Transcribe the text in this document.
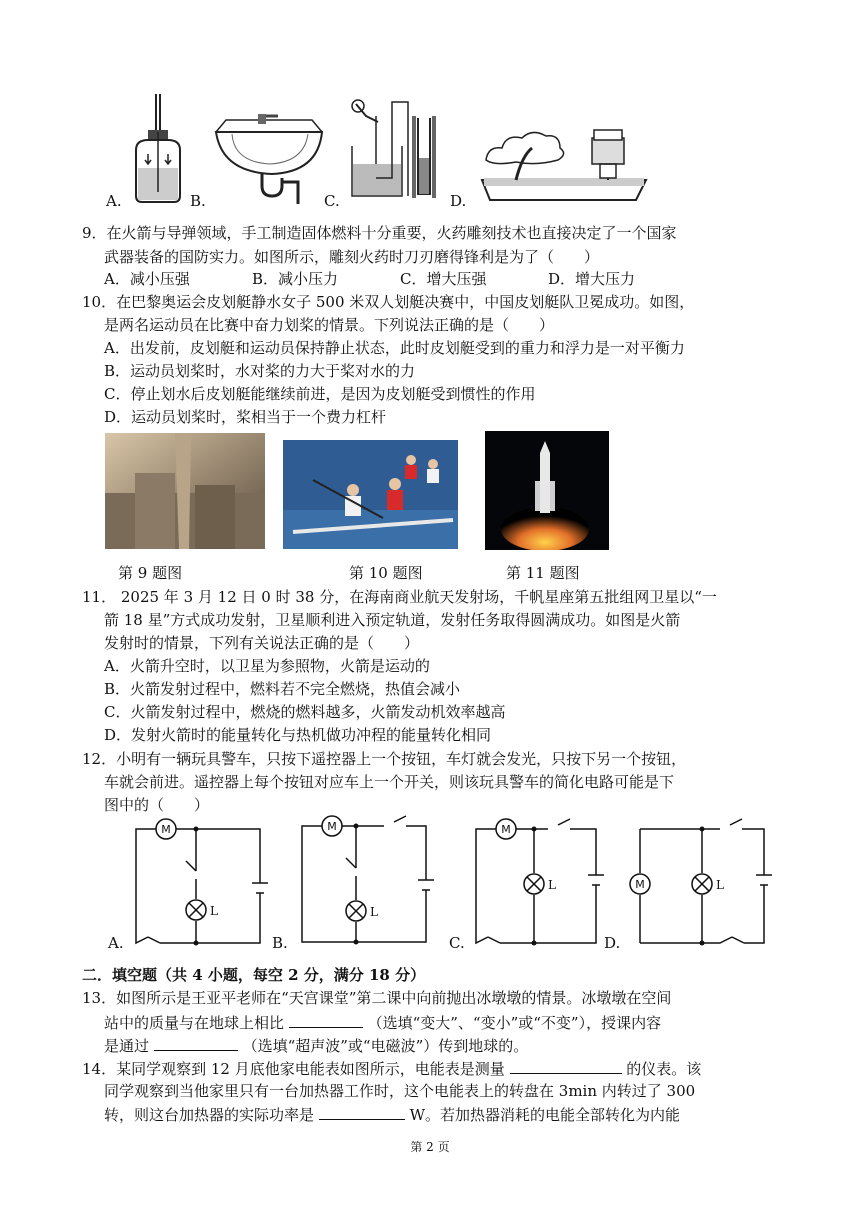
A.	B.	C.	D.
9．在火箭与导弹领域，手工制造固体燃料十分重要，火药雕刻技术也直接决定了一个国家
武器装备的国防实力。如图所示，雕刻火药时刀刃磨得锋利是为了（　　）
A．减小压强	B．减小压力	C．增大压强	D．增大压力
10．在巴黎奥运会皮划艇静水女子 500 米双人划艇决赛中，中国皮划艇队卫冕成功。如图，
是两名运动员在比赛中奋力划桨的情景。下列说法正确的是（　　）
A．出发前，皮划艇和运动员保持静止状态，此时皮划艇受到的重力和浮力是一对平衡力
B．运动员划桨时，水对桨的力大于桨对水的力
C．停止划水后皮划艇能继续前进，是因为皮划艇受到惯性的作用
D．运动员划桨时，桨相当于一个费力杠杆
第 9 题图	第 10 题图	第 11 题图
11． 2025 年 3 月 12 日 0 时 38 分，在海南商业航天发射场，千帆星座第五批组网卫星以“一
箭 18 星”方式成功发射，卫星顺利进入预定轨道，发射任务取得圆满成功。如图是火箭
发射时的情景，下列有关说法正确的是（　　）
A．火箭升空时，以卫星为参照物，火箭是运动的
B．火箭发射过程中，燃料若不完全燃烧，热值会减小
C．火箭发射过程中，燃烧的燃料越多，火箭发动机效率越高
D．发射火箭时的能量转化与热机做功冲程的能量转化相同
12．小明有一辆玩具警车，只按下遥控器上一个按钮，车灯就会发光，只按下另一个按钮，
车就会前进。遥控器上每个按钮对应车上一个开关，则该玩具警车的简化电路可能是下
图中的（　　）
M
L
A.
M
L
B.
M
L
C.
M	L
D.
二．填空题（共 4 小题，每空 2 分，满分 18 分）
13．如图所示是王亚平老师在“天宫课堂”第二课中向前抛出冰墩墩的情景。冰墩墩在空间
站中的质量与在地球上相比	（选填“变大”、“变小”或“不变”），授课内容
是通过	（选填“超声波”或“电磁波”）传到地球的。
14．某同学观察到 12 月底他家电能表如图所示，电能表是测量	的仪表。该
同学观察到当他家里只有一台加热器工作时，这个电能表上的转盘在 3min 内转过了 300
转，则这台加热器的实际功率是	W。若加热器消耗的电能全部转化为内能
第 2 页
